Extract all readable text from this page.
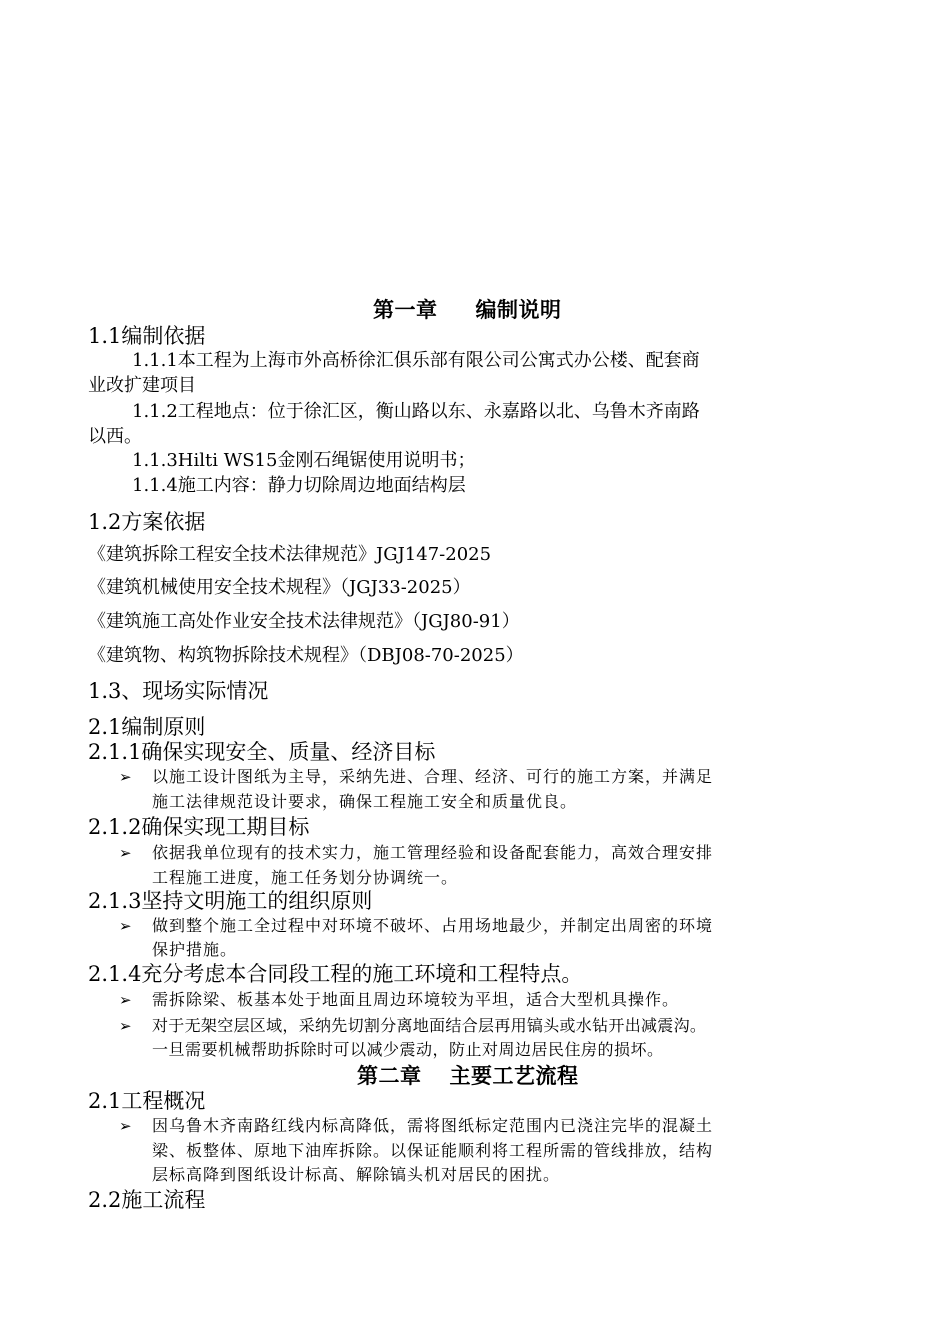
第一章 编制说明
1.1编制依据
1.1.1本工程为上海市外高桥徐汇俱乐部有限公司公寓式办公楼、配套商
业改扩建项目
1.1.2工程地点：位于徐汇区，衡山路以东、永嘉路以北、乌鲁木齐南路
以西。
1.1.3Hilti WS15金刚石绳锯使用说明书；
1.1.4施工内容：静力切除周边地面结构层
1.2方案依据
《建筑拆除工程安全技术法律规范》JGJ147-2025
《建筑机械使用安全技术规程》（JGJ33-2025）
《建筑施工高处作业安全技术法律规范》（JGJ80-91）
《建筑物、构筑物拆除技术规程》（DBJ08-70-2025）
1.3、现场实际情况
2.1编制原则
2.1.1确保实现安全、质量、经济目标
➢ 以施工设计图纸为主导，采纳先进、合理、经济、可行的施工方案，并满足
施工法律规范设计要求，确保工程施工安全和质量优良。
2.1.2确保实现工期目标
➢ 依据我单位现有的技术实力，施工管理经验和设备配套能力，高效合理安排
工程施工进度，施工任务划分协调统一。
2.1.3坚持文明施工的组织原则
➢ 做到整个施工全过程中对环境不破坏、占用场地最少，并制定出周密的环境
保护措施。
2.1.4充分考虑本合同段工程的施工环境和工程特点。
➢ 需拆除梁、板基本处于地面且周边环境较为平坦，适合大型机具操作。
➢ 对于无架空层区域，采纳先切割分离地面结合层再用镐头或水钻开出减震沟。
一旦需要机械帮助拆除时可以减少震动，防止对周边居民住房的损坏。
第二章 主要工艺流程
2.1工程概况
➢ 因乌鲁木齐南路红线内标高降低，需将图纸标定范围内已浇注完毕的混凝土
梁、板整体、原地下油库拆除。以保证能顺利将工程所需的管线排放，结构
层标高降到图纸设计标高、解除镐头机对居民的困扰。
2.2施工流程
